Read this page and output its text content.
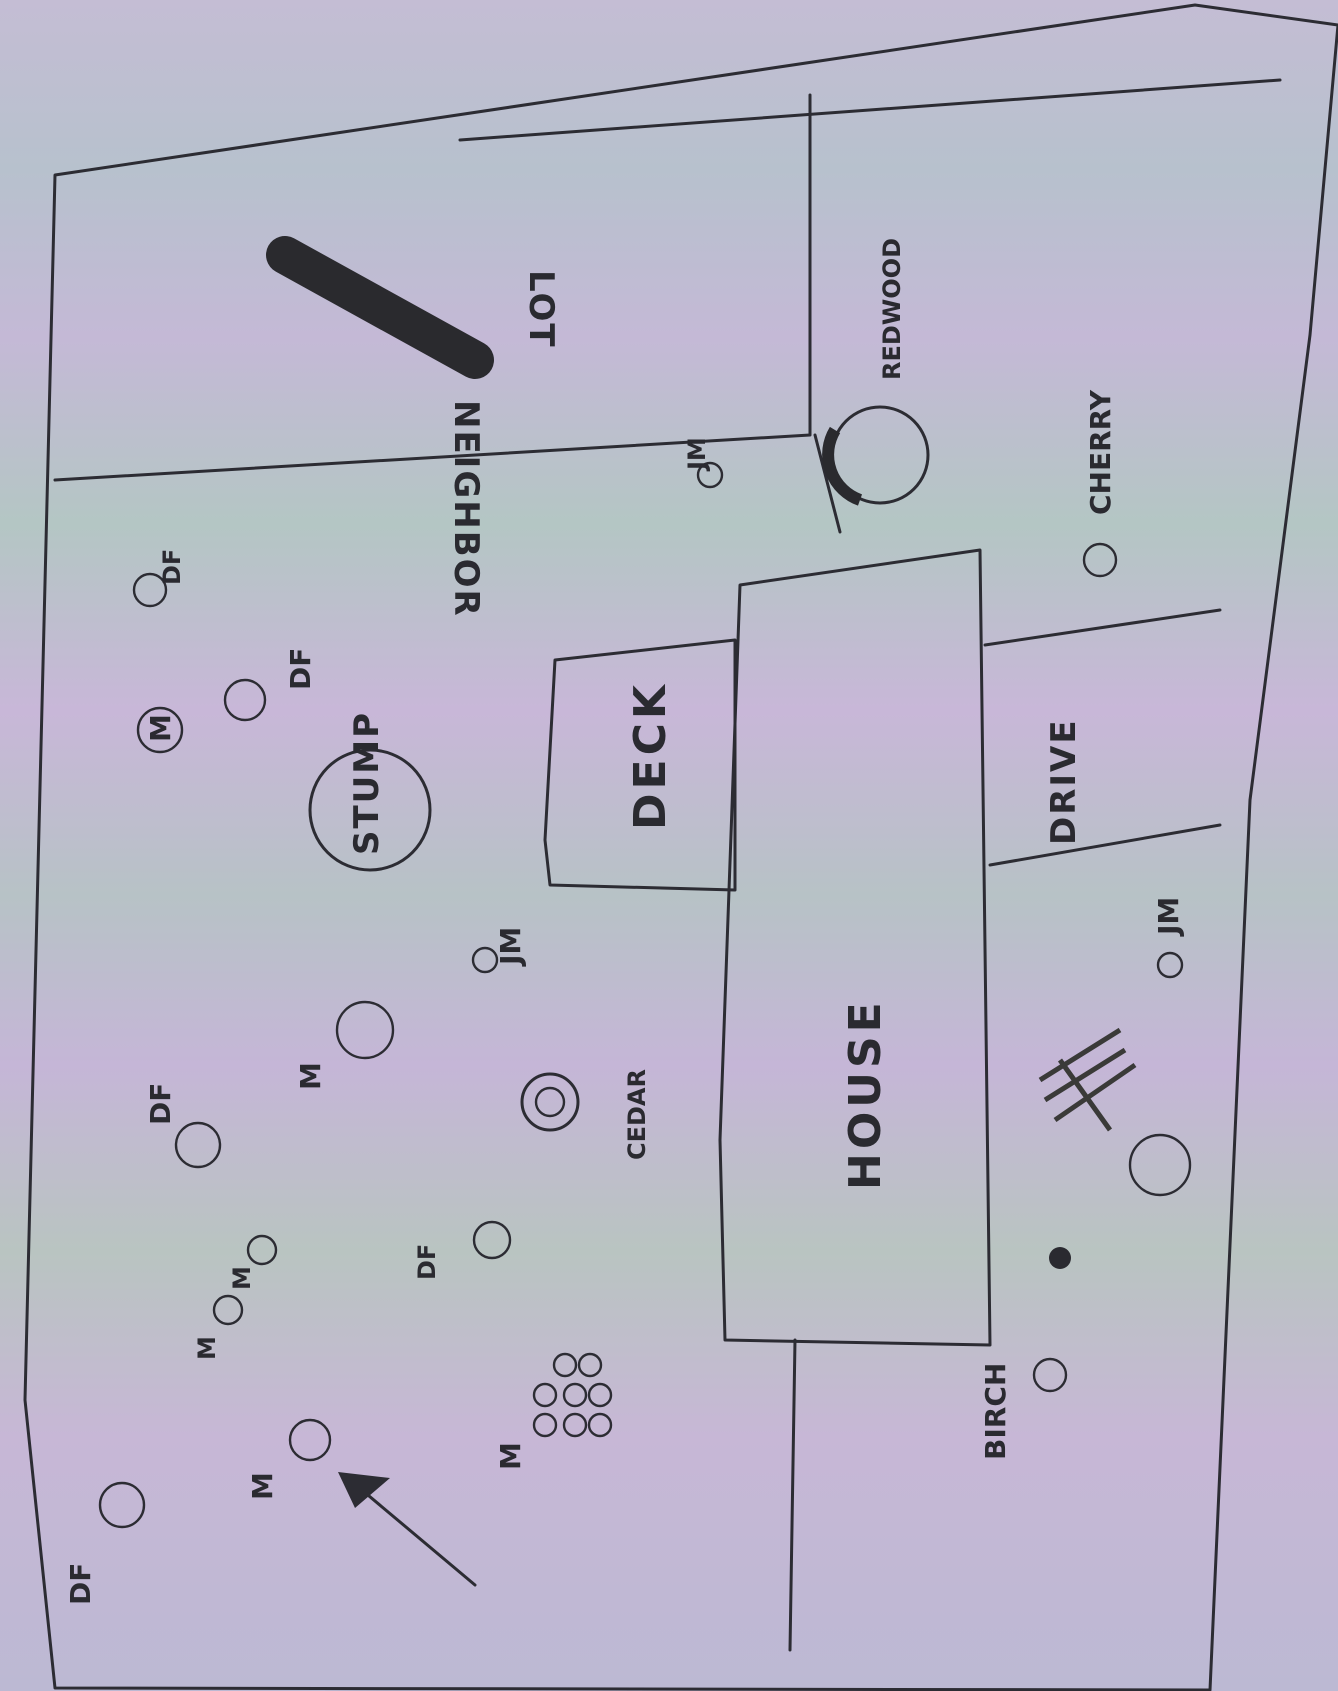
STUMP
HOUSE
DECK	DRIVE
NEIGHBOR
LOT
DF
M
M
M
M
DF
DF
M	CEDAR
JM
M
DF
DF
JM
REDWOOD
CHERRY
JM
BIRCH
